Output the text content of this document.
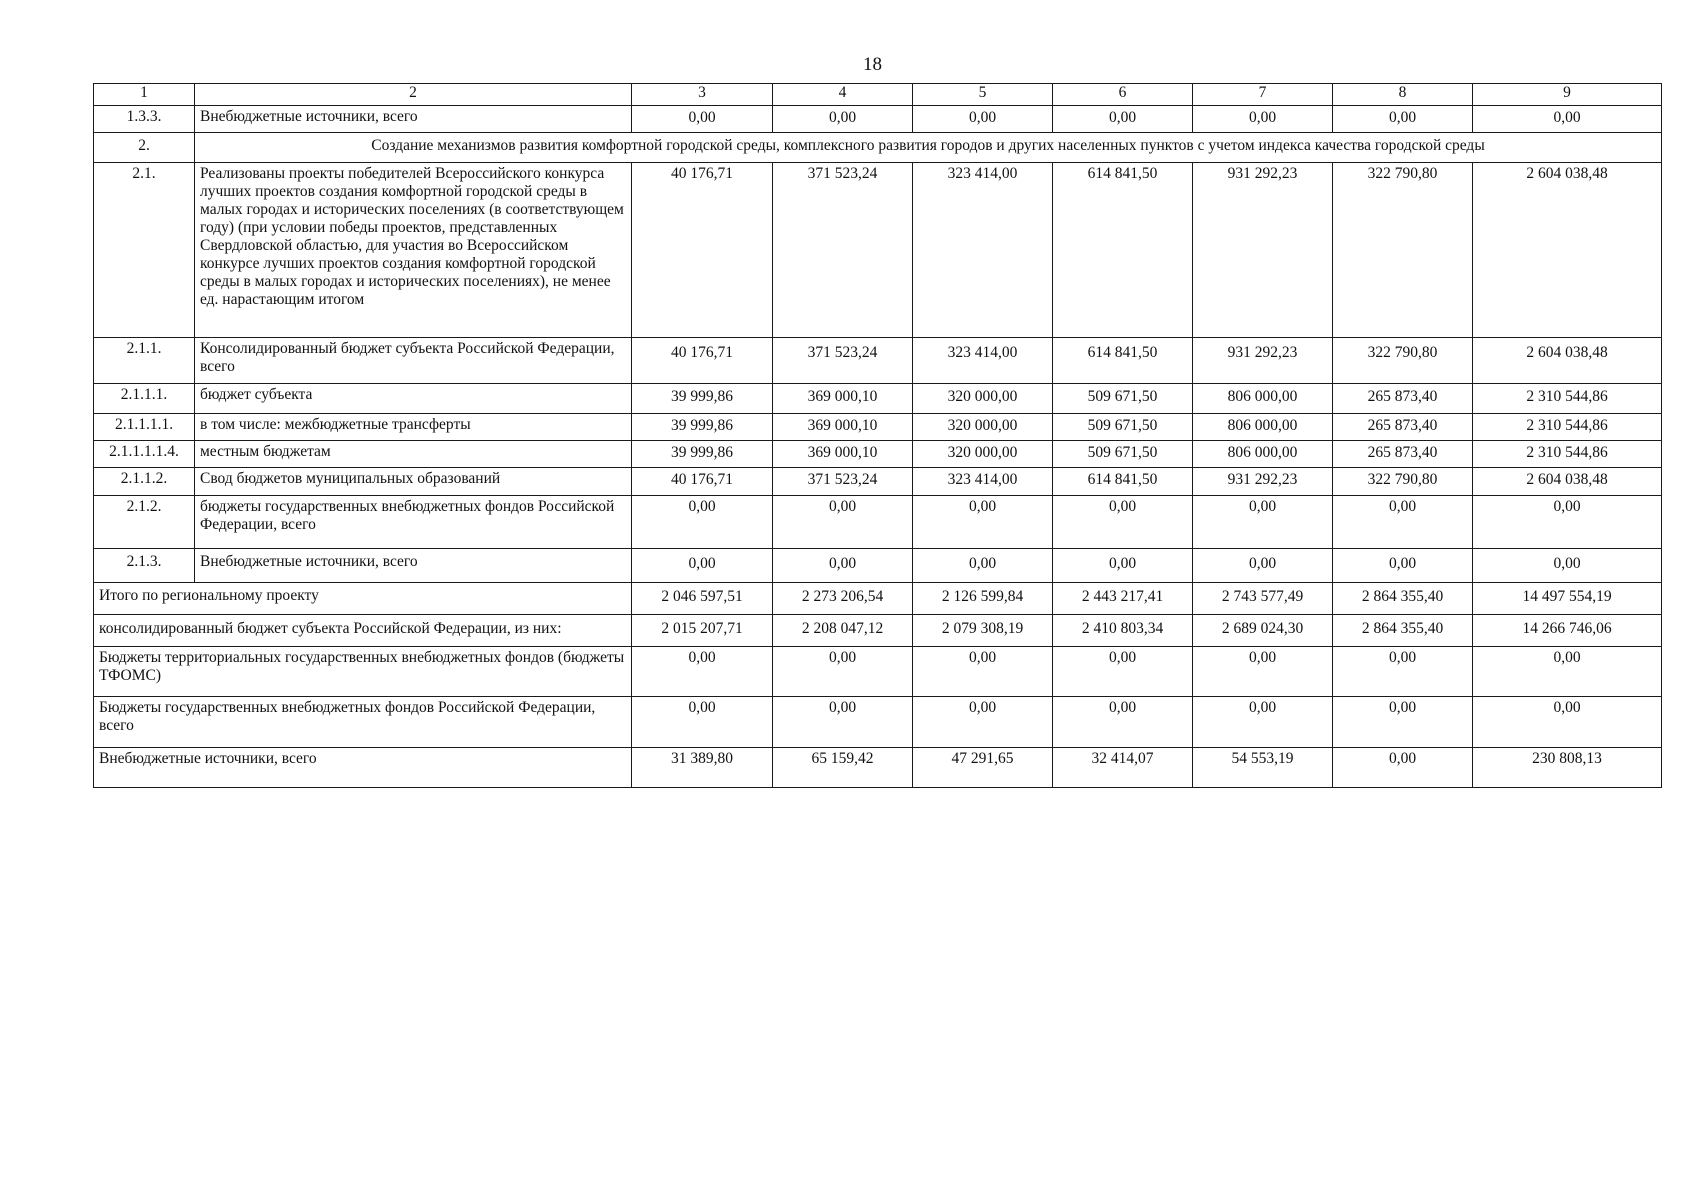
18
1	2	3	4	5	6	7	8	9
1.3.3.	Внебюджетные источники, всего	0,00	0,00	0,00	0,00	0,00	0,00	0,00
2.	Создание механизмов развития комфортной городской среды, комплексного развития городов и других населенных пунктов с учетом индекса качества городской среды							
2.1.	Реализованы проекты победителей Всероссийского конкурса лучших проектов создания комфортной городской среды в малых городах и исторических поселениях (в соответствующем году) (при условии победы проектов, представленных Свердловской областью, для участия во Всероссийском конкурсе лучших проектов создания комфортной городской среды в малых городах и исторических поселениях), не менее ед. нарастающим итогом	40 176,71	371 523,24	323 414,00	614 841,50	931 292,23	322 790,80	2 604 038,48
2.1.1.	Консолидированный бюджет субъекта Российской Федерации, всего	40 176,71	371 523,24	323 414,00	614 841,50	931 292,23	322 790,80	2 604 038,48
2.1.1.1.	бюджет субъекта	39 999,86	369 000,10	320 000,00	509 671,50	806 000,00	265 873,40	2 310 544,86
2.1.1.1.1.	в том числе: межбюджетные трансферты	39 999,86	369 000,10	320 000,00	509 671,50	806 000,00	265 873,40	2 310 544,86
2.1.1.1.1.4.	местным бюджетам	39 999,86	369 000,10	320 000,00	509 671,50	806 000,00	265 873,40	2 310 544,86
2.1.1.2.	Свод бюджетов муниципальных образований	40 176,71	371 523,24	323 414,00	614 841,50	931 292,23	322 790,80	2 604 038,48
2.1.2.	бюджеты государственных внебюджетных фондов Российской Федерации, всего	0,00	0,00	0,00	0,00	0,00	0,00	0,00
2.1.3.	Внебюджетные источники, всего	0,00	0,00	0,00	0,00	0,00	0,00	0,00
Итого по региональному проекту		2 046 597,51	2 273 206,54	2 126 599,84	2 443 217,41	2 743 577,49	2 864 355,40	14 497 554,19
консолидированный бюджет субъекта Российской Федерации, из них:		2 015 207,71	2 208 047,12	2 079 308,19	2 410 803,34	2 689 024,30	2 864 355,40	14 266 746,06
Бюджеты территориальных государственных внебюджетных фондов (бюджеты ТФОМС)		0,00	0,00	0,00	0,00	0,00	0,00	0,00
Бюджеты государственных внебюджетных фондов Российской Федерации, всего		0,00	0,00	0,00	0,00	0,00	0,00	0,00
Внебюджетные источники, всего		31 389,80	65 159,42	47 291,65	32 414,07	54 553,19	0,00	230 808,13
